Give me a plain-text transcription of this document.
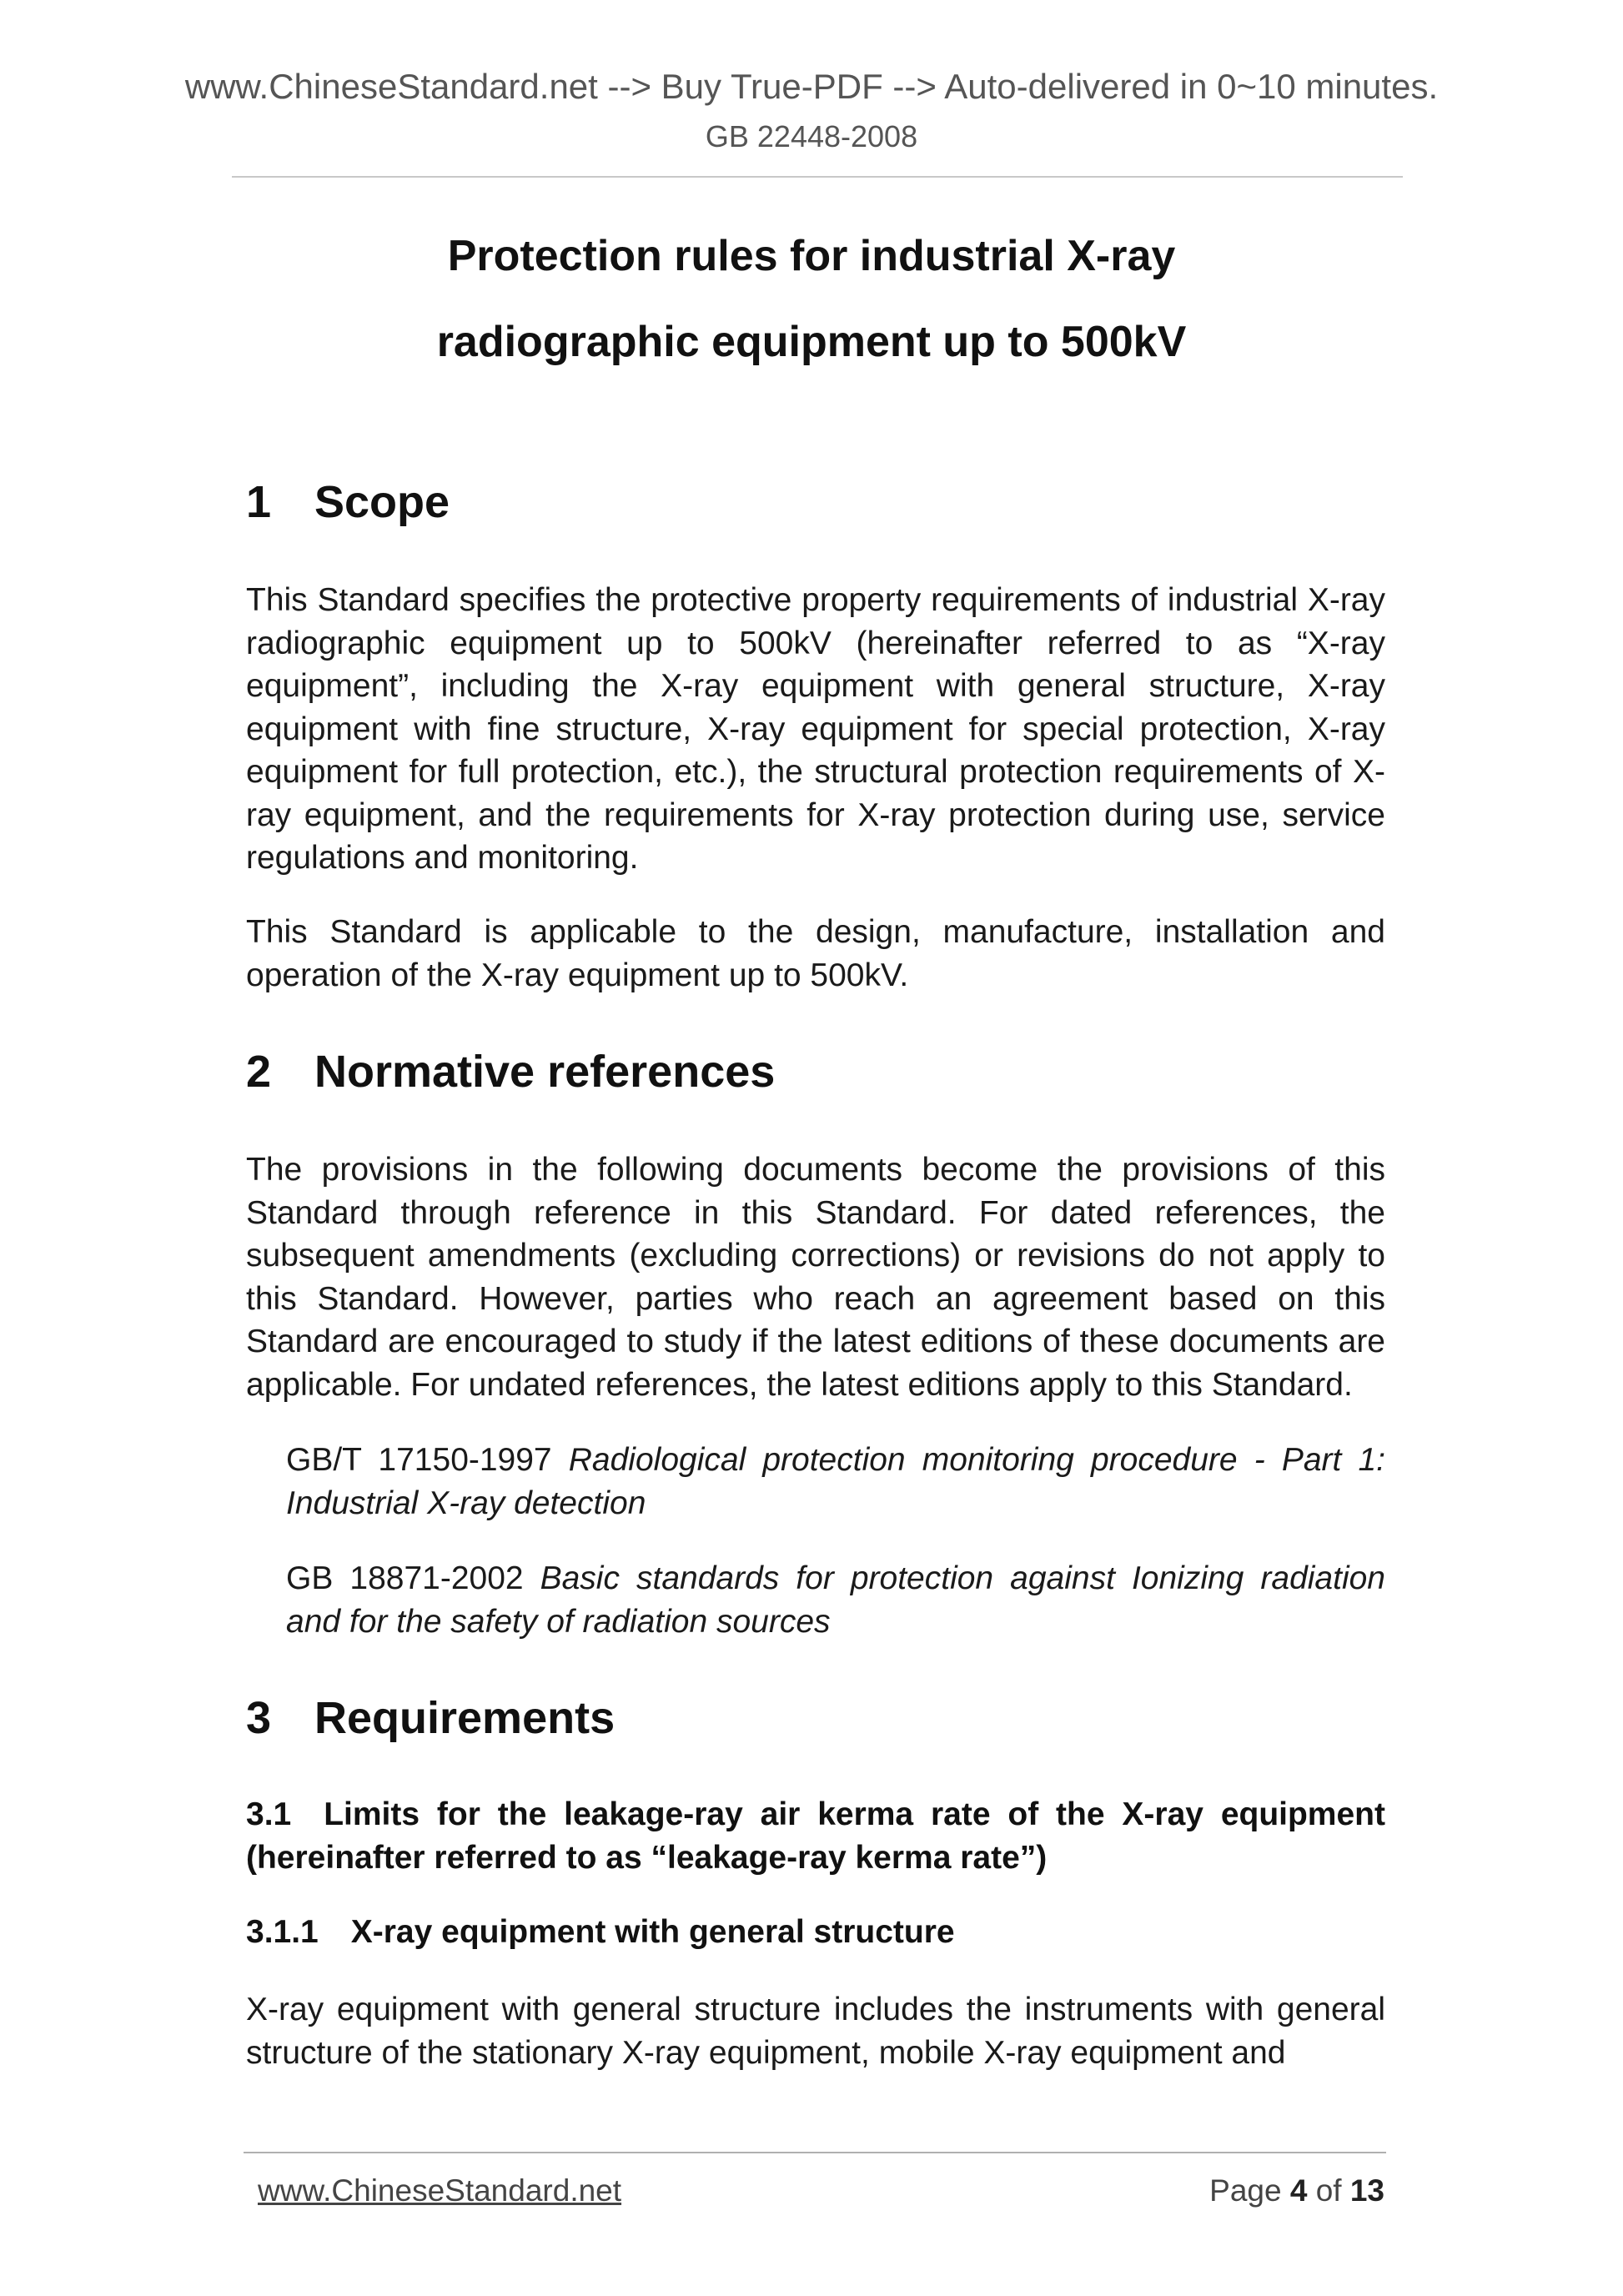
www.ChineseStandard.net --> Buy True-PDF --> Auto-delivered in 0~10 minutes.
GB 22448-2008
Protection rules for industrial X-ray
radiographic equipment up to 500kV
1 Scope
This Standard specifies the protective property requirements of industrial X-ray radiographic equipment up to 500kV (hereinafter referred to as “X-ray equipment”, including the X-ray equipment with general structure, X-ray equipment with fine structure, X-ray equipment for special protection, X-ray equipment for full protection, etc.), the structural protection requirements of X-ray equipment, and the requirements for X-ray protection during use, service regulations and monitoring.
This Standard is applicable to the design, manufacture, installation and operation of the X-ray equipment up to 500kV.
2 Normative references
The provisions in the following documents become the provisions of this Standard through reference in this Standard. For dated references, the subsequent amendments (excluding corrections) or revisions do not apply to this Standard. However, parties who reach an agreement based on this Standard are encouraged to study if the latest editions of these documents are applicable. For undated references, the latest editions apply to this Standard.
GB/T 17150-1997 Radiological protection monitoring procedure - Part 1: Industrial X-ray detection
GB 18871-2002 Basic standards for protection against Ionizing radiation and for the safety of radiation sources
3 Requirements
3.1 Limits for the leakage-ray air kerma rate of the X-ray equipment (hereinafter referred to as “leakage-ray kerma rate”)
3.1.1 X-ray equipment with general structure
X-ray equipment with general structure includes the instruments with general structure of the stationary X-ray equipment, mobile X-ray equipment and
www.ChineseStandard.net	Page 4 of 13
